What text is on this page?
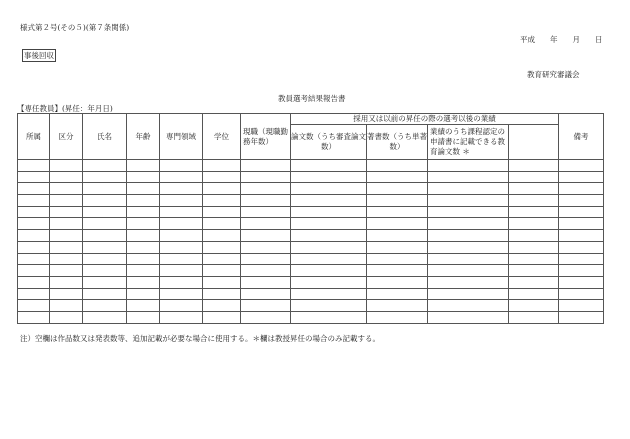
様式第２号(その５)(第７条関係)
平成　　年　　月　　日
事後回収
教育研究審議会
教員選考結果報告書
【専任教員】(昇任：年月日)
所属	区分	氏名	年齢	専門領域	学位	現職（現職勤務年数）	採用又は以前の昇任の際の選考以後の業績				備考
							論文数（うち審査論文数）	著書数（うち単著数）	業績のうち課程認定の申請書に記載できる教育論文数 ＊		

注）空欄は作品数又は発表数等、追加記載が必要な場合に使用する。＊欄は教授昇任の場合のみ記載する。
